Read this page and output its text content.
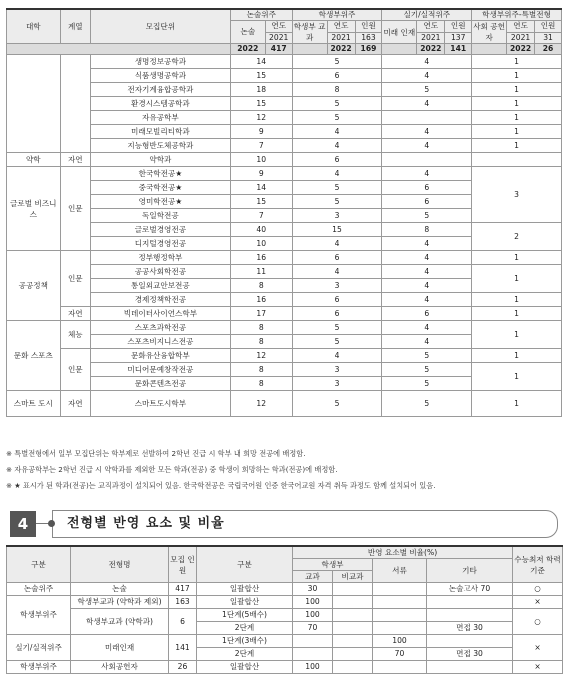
대학	계열	모집단위	논술위주		학생부위주			실기/실적위주			학생부위주-특별전형		
			논술	연도	학생부 교과	연도	인원	미래 인재	연도	인원	사회 공헌자	연도	인원
				2021		2021	163		2021	137		2021	31
			2022	417		2022	169		2022	141		2022	26
		생명정보공학과	14		5			4			1		
		식품생명공학과	15		6			4			1		
		전자기계융합공학과	18		8			5			1		
		환경시스템공학과	15		5			4			1		
		자유공학부	12		5						1		
		미래모빌리티학과	9		4			4			1		
		지능형반도체공학과	7		4			4			1		
약학	자연	약학과	10		6								
글로벌 비즈니스	인문	한국학전공★	9		4			4			3		
		중국학전공★	14		5			6					
		영미학전공★	15		5			6					
		독일학전공	7		3			5					
		글로벌경영전공	40		15			8			2		
		디지털경영전공	10		4			4					
공공정책	인문	정부행정학부	16		6			4			1		
		공공사회학전공	11		4			4			1		
		통일외교안보전공	8		3			4					
		경제정책학전공	16		6			4			1		
	자연	빅데이터사이언스학부	17		6			6			1		
문화 스포츠	체능	스포츠과학전공	8		5			4			1		
		스포츠비지니스전공	8		5			4					
	인문	문화유산융합학부	12		4			5			1		
		미디어문예창작전공	8		3			5			1		
		문화콘텐츠전공	8		3			5					
스마트 도시	자연	스마트도시학부	12		5			5			1		
※ 특별전형에서 일부 모집단위는 학부제로 선발하여 2학년 진급 시 학부 내 희망 전공에 배정함.
※ 자유공학부는 2학년 진급 시 약학과를 제외한 모든 학과(전공) 중 학생이 희망하는 학과(전공)에 배정함.
※ ★ 표시가 된 학과(전공)는 교직과정이 설치되어 있음. 한국학전공은 국립국어원 인증 한국어교원 자격 취득 과정도 함께 설치되어 있음.
4	전형별 반영 요소 및 비율
구분	전형명	모집 인원	구분	반영 요소별 비율(%)				수능최저 학력기준
				학생부		서류	기타	
				교과	비교과			
논술위주	논술	417	일괄합산	30			논술고사 70	○
학생부위주	학생부교과 (약학과 제외)	163	일괄합산	100				×
	학생부교과 (약학과)	6	1단계(5배수)	100				○
			2단계	70			면접 30	
실기/실적위주	미래인재	141	1단계(3배수)			100		×
			2단계			70	면접 30	
학생부위주	사회공헌자	26	일괄합산	100				×
